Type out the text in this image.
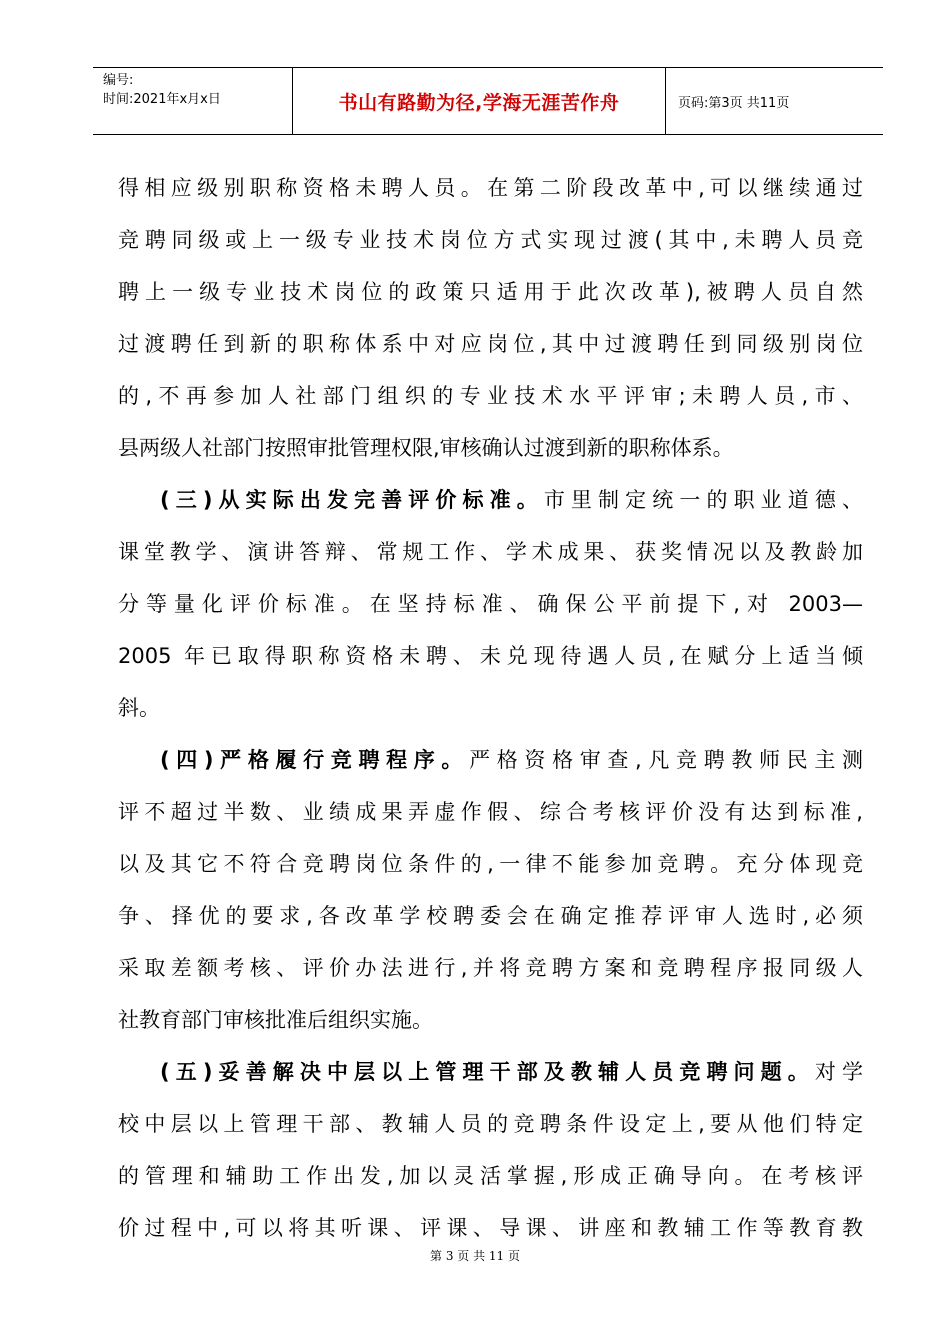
编号:
时间:2021年x月x日	书山有路勤为径,学海无涯苦作舟	页码:第3页 共11页
得相应级别职称资格未聘人员。在第二阶段改革中,可以继续通过
竞聘同级或上一级专业技术岗位方式实现过渡(其中,未聘人员竞
聘上一级专业技术岗位的政策只适用于此次改革),被聘人员自然
过渡聘任到新的职称体系中对应岗位,其中过渡聘任到同级别岗位
的,不再参加人社部门组织的专业技术水平评审;未聘人员,市、
县两级人社部门按照审批管理权限,审核确认过渡到新的职称体系。
(三)从实际出发完善评价标准。市里制定统一的职业道德、
课堂教学、演讲答辩、常规工作、学术成果、获奖情况以及教龄加
分等量化评价标准。在坚持标准、确保公平前提下,对 2003—
2005 年已取得职称资格未聘、未兑现待遇人员,在赋分上适当倾
斜。
(四)严格履行竞聘程序。严格资格审查,凡竞聘教师民主测
评不超过半数、业绩成果弄虚作假、综合考核评价没有达到标准,
以及其它不符合竞聘岗位条件的,一律不能参加竞聘。充分体现竞
争、择优的要求,各改革学校聘委会在确定推荐评审人选时,必须
采取差额考核、评价办法进行,并将竞聘方案和竞聘程序报同级人
社教育部门审核批准后组织实施。
(五)妥善解决中层以上管理干部及教辅人员竞聘问题。对学
校中层以上管理干部、教辅人员的竞聘条件设定上,要从他们特定
的管理和辅助工作出发,加以灵活掌握,形成正确导向。在考核评
价过程中,可以将其听课、评课、导课、讲座和教辅工作等教育教
第 3 页 共 11 页
